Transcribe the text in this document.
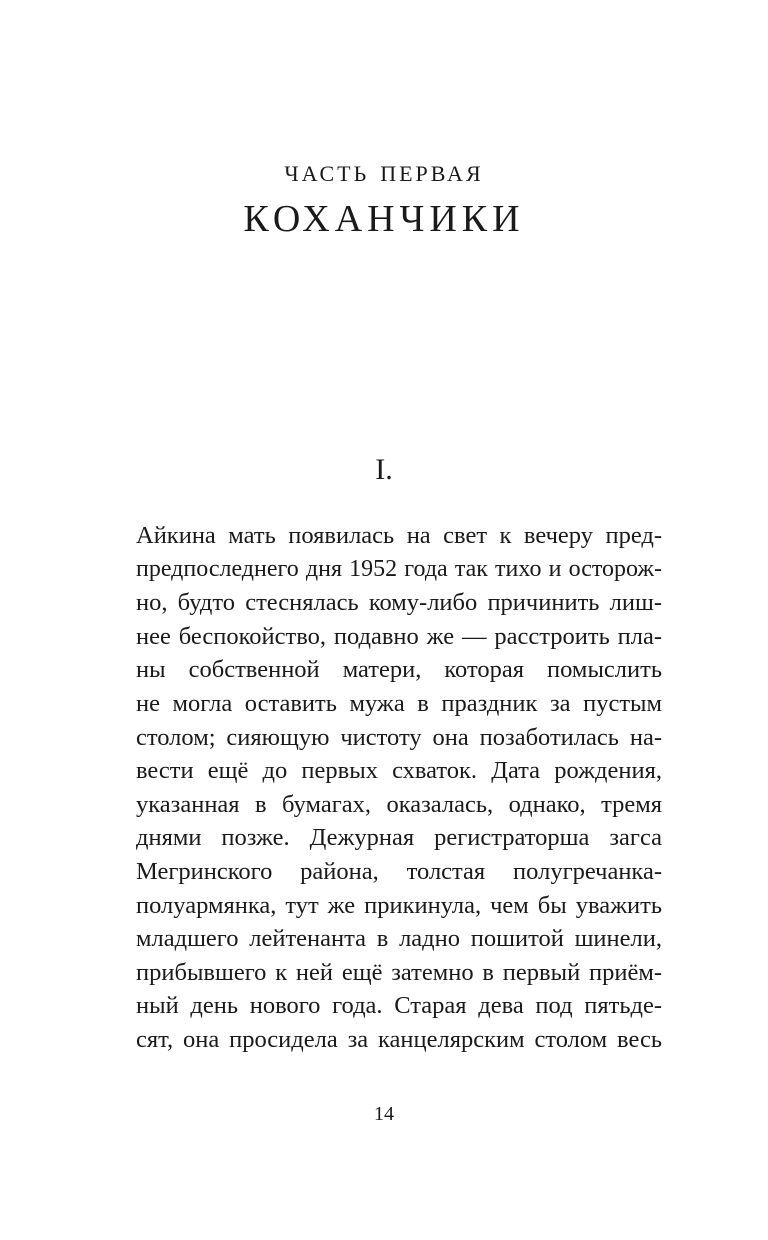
часть первая
КОХАНЧИКИ
I.
Айкина мать появилась на свет к вечеру пред-
предпоследнего дня 1952 года так тихо и осторож-
но, будто стеснялась кому-либо причинить лиш-
нее беспокойство, подавно же — расстроить пла-
ны собственной матери, которая помыслить
не могла оставить мужа в праздник за пустым
столом; сияющую чистоту она позаботилась на-
вести ещё до первых схваток. Дата рождения,
указанная в бумагах, оказалась, однако, тремя
днями позже. Дежурная регистраторша загса
Мегринского района, толстая полугречанка-
полуармянка, тут же прикинула, чем бы уважить
младшего лейтенанта в ладно пошитой шинели,
прибывшего к ней ещё затемно в первый приём-
ный день нового года. Старая дева под пятьде-
сят, она просидела за канцелярским столом весь
14
